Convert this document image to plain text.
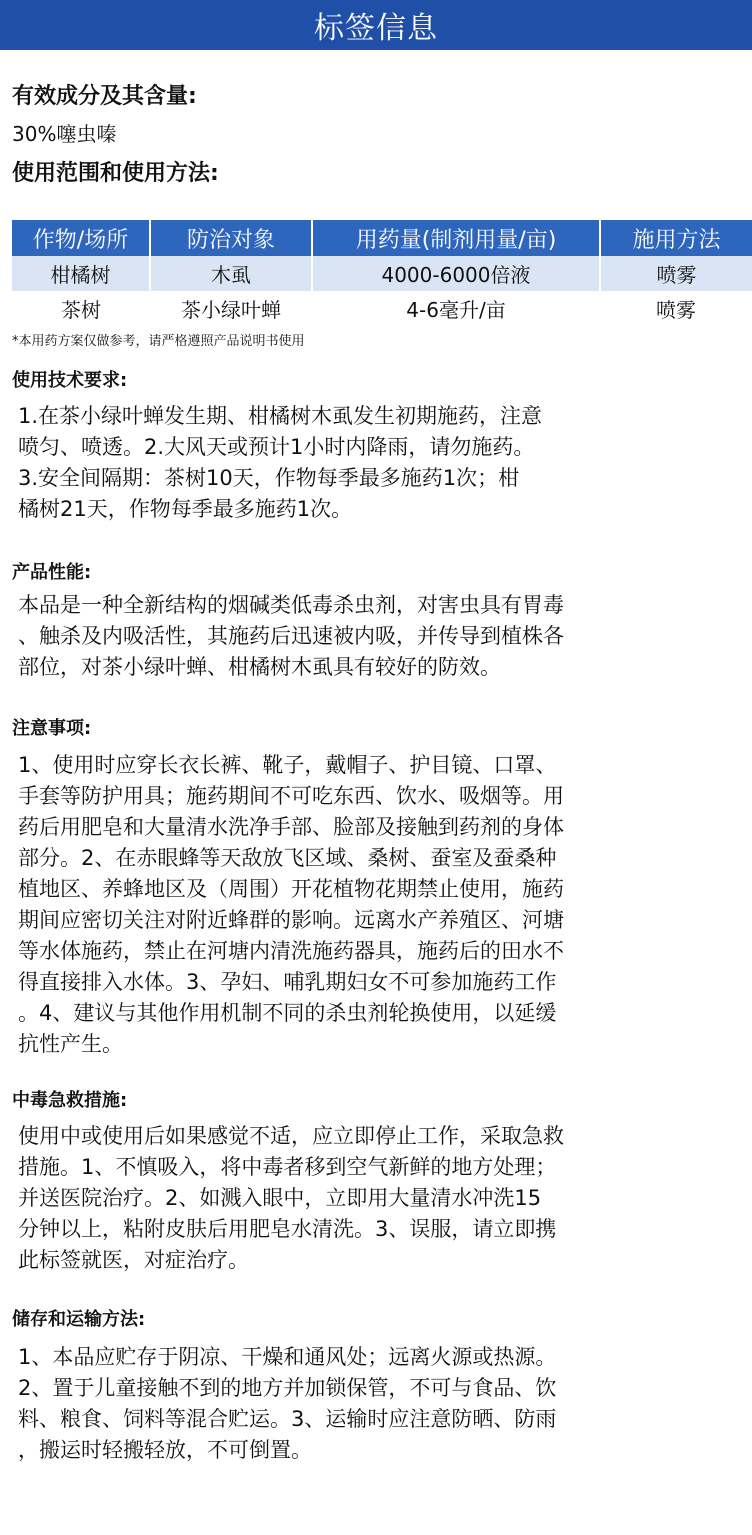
标签信息
有效成分及其含量:
30%噻虫嗪
使用范围和使用方法:
作物/场所	防治对象	用药量(制剂用量/亩)	施用方法
柑橘树	木虱	4000-6000倍液	喷雾
茶树	茶小绿叶蝉	4-6毫升/亩	喷雾
*本用药方案仅做参考，请严格遵照产品说明书使用
使用技术要求:
1.在茶小绿叶蝉发生期、柑橘树木虱发生初期施药，注意
喷匀、喷透。2.大风天或预计1小时内降雨，请勿施药。
3.安全间隔期：茶树10天，作物每季最多施药1次；柑
橘树21天，作物每季最多施药1次。
产品性能:
本品是一种全新结构的烟碱类低毒杀虫剂，对害虫具有胃毒
、触杀及内吸活性，其施药后迅速被内吸，并传导到植株各
部位，对茶小绿叶蝉、柑橘树木虱具有较好的防效。
注意事项:
1、使用时应穿长衣长裤、靴子，戴帽子、护目镜、口罩、
手套等防护用具；施药期间不可吃东西、饮水、吸烟等。用
药后用肥皂和大量清水洗净手部、脸部及接触到药剂的身体
部分。2、在赤眼蜂等天敌放飞区域、桑树、蚕室及蚕桑种
植地区、养蜂地区及（周围）开花植物花期禁止使用，施药
期间应密切关注对附近蜂群的影响。远离水产养殖区、河塘
等水体施药，禁止在河塘内清洗施药器具，施药后的田水不
得直接排入水体。3、孕妇、哺乳期妇女不可参加施药工作
。4、建议与其他作用机制不同的杀虫剂轮换使用，以延缓
抗性产生。
中毒急救措施:
使用中或使用后如果感觉不适，应立即停止工作，采取急救
措施。1、不慎吸入，将中毒者移到空气新鲜的地方处理；
并送医院治疗。2、如溅入眼中，立即用大量清水冲洗15
分钟以上，粘附皮肤后用肥皂水清洗。3、误服，请立即携
此标签就医，对症治疗。
储存和运输方法:
1、本品应贮存于阴凉、干燥和通风处；远离火源或热源。
2、置于儿童接触不到的地方并加锁保管，不可与食品、饮
料、粮食、饲料等混合贮运。3、运输时应注意防晒、防雨
，搬运时轻搬轻放，不可倒置。
